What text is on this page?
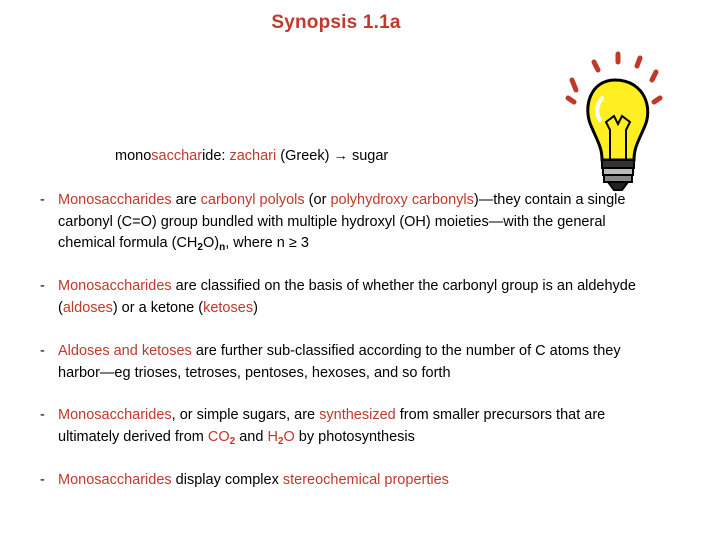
Synopsis 1.1a
monosaccharide: zachari (Greek) → sugar
- Monosaccharides are carbonyl polyols (or polyhydroxy carbonyls)—they contain a single carbonyl (C=O) group bundled with multiple hydroxyl (OH) moieties—with the general chemical formula $(CH_2O)_n$, where n ≥ 3
- Monosaccharides are classified on the basis of whether the carbonyl group is an aldehyde (aldoses) or a ketone (ketoses)
- Aldoses and ketoses are further sub-classified according to the number of C atoms they harbor—eg trioses, tetroses, pentoses, hexoses, and so forth
- Monosaccharides, or simple sugars, are synthesized from smaller precursors that are ultimately derived from $CO_2$ and $H_2O$ by photosynthesis
- Monosaccharides display complex stereochemical properties
